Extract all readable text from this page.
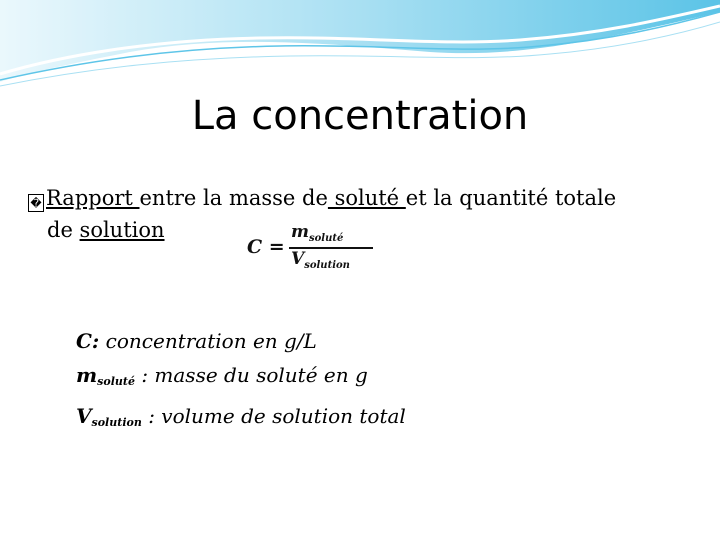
La concentration
� Rapport entre la masse de soluté et la quantité totale
de solution
C =
$m_{soluté}$
$V_{solution}$
C: concentration en g/L
$m_{soluté}$ : masse du soluté en g
$V_{solution}$ : volume de solution total
